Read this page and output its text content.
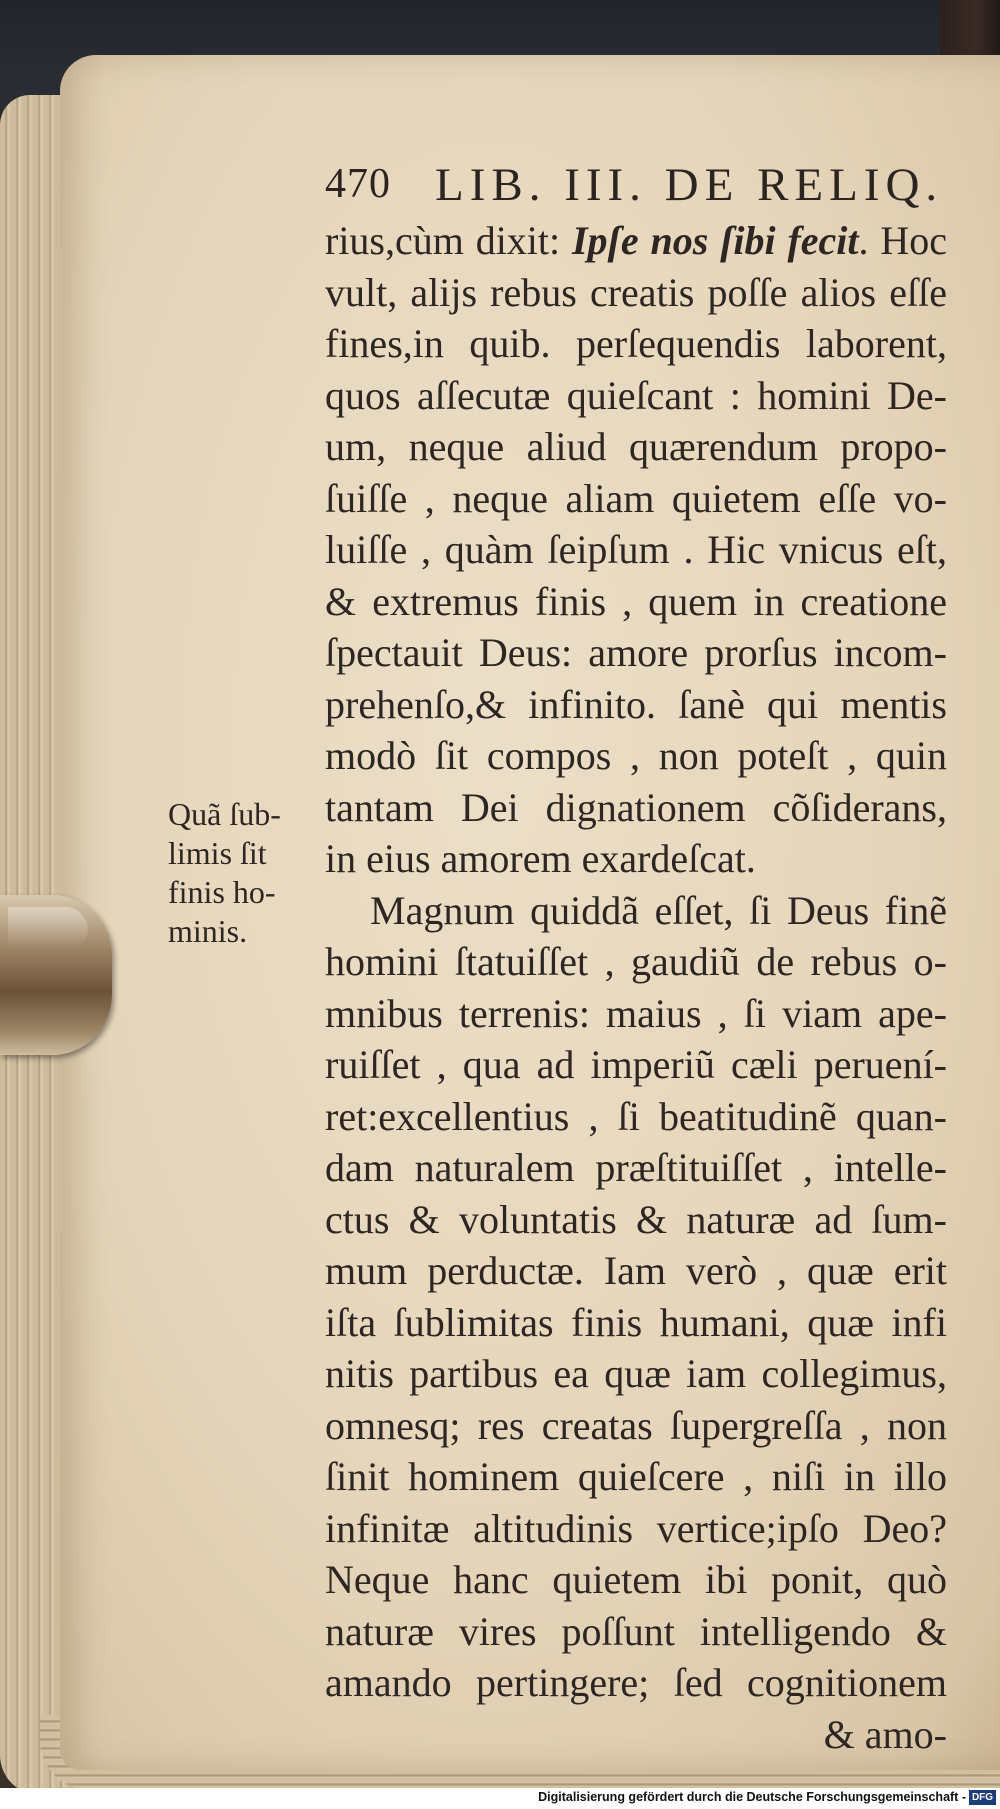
470 LIB. III. DE RELIQ.
rius,cùm dixit: Ipſe nos ſibi fecit. Hoc
vult, alijs rebus creatis poſſe alios eſſe
fines,in quib. perſequendis laborent,
quos aſſecutæ quieſcant : homini De-
um, neque aliud quærendum propo-
ſuiſſe , neque aliam quietem eſſe vo-
luiſſe , quàm ſeipſum . Hic vnicus eſt,
& extremus finis , quem in creatione
ſpectauit Deus: amore prorſus incom-
prehenſo,& infinito. ſanè qui mentis
modò ſit compos , non poteſt , quin
tantam Dei dignationem cõſiderans,
in eius amorem exardeſcat.
Magnum quiddã eſſet, ſi Deus finẽ
homini ſtatuiſſet , gaudiũ de rebus o-
mnibus terrenis: maius , ſi viam ape-
ruiſſet , qua ad imperiũ cæli peruení-
ret:excellentius , ſi beatitudinẽ quan-
dam naturalem præſtituiſſet , intelle-
ctus & voluntatis & naturæ ad ſum-
mum perductæ. Iam verò , quæ erit
iſta ſublimitas finis humani, quæ infi
nitis partibus ea quæ iam collegimus,
omnesq; res creatas ſupergreſſa , non
ſinit hominem quieſcere , niſi in illo
infinitæ altitudinis vertice;ipſo Deo?
Neque hanc quietem ibi ponit, quò
naturæ vires poſſunt intelligendo &
amando pertingere; ſed cognitionem
& amo-
Quã ſub-
limis ſit
finis ho-
minis.
Digitalisierung gefördert durch die Deutsche Forschungsgemeinschaft - DFG
